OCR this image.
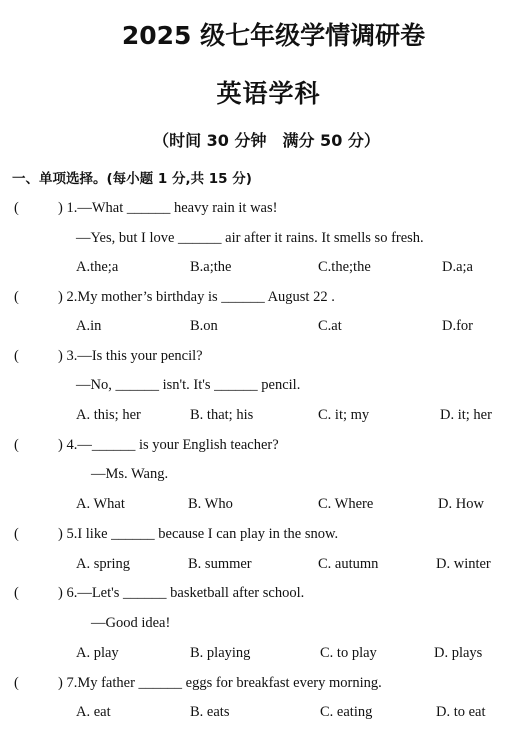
2025 级七年级学情调研卷
英语学科
（时间 30 分钟　满分 50 分）
一、单项选择。(每小题 1 分,共 15 分)
(	) 1.—What ______ heavy rain it was!
—Yes, but I love ______ air after it rains. It smells so fresh.
A.the;a	B.a;the	C.the;the	D.a;a
(	) 2.My mother’s birthday is ______ August 22 .
A.in	B.on	C.at	D.for
(	) 3.—Is this your pencil?
—No, ______ isn't. It's ______ pencil.
A. this; her	B. that; his	C. it; my	D. it; her
(	) 4.—______ is your English teacher?
—Ms. Wang.
A. What	B. Who	C. Where	D. How
(	) 5.I like ______ because I can play in the snow.
A. spring	B. summer	C. autumn	D. winter
(	) 6.—Let's ______ basketball after school.
—Good idea!
A. play	B. playing	C. to play	D. plays
(	) 7.My father ______ eggs for breakfast every morning.
A. eat	B. eats	C. eating	D. to eat
